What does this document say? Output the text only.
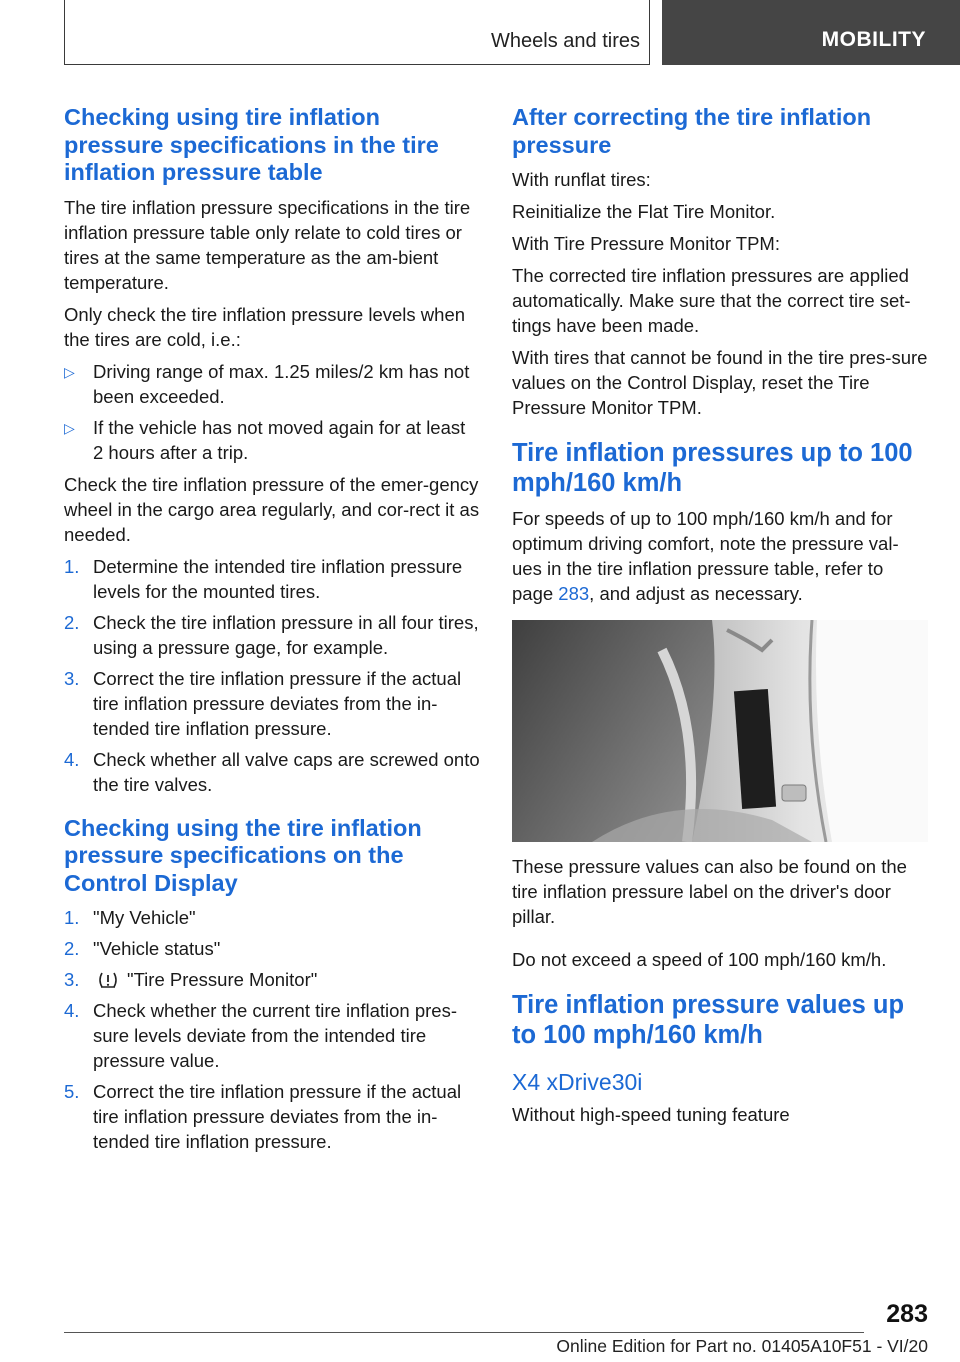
Wheels and tires	MOBILITY
Checking using tire inflation pressure specifications in the tire inflation pressure table

The tire inflation pressure specifications in the tire inflation pressure table only relate to cold tires or tires at the same temperature as the am-bient temperature.

Only check the tire inflation pressure levels when the tires are cold, i.e.:

▷ Driving range of max. 1.25 miles/2 km has not been exceeded.
▷ If the vehicle has not moved again for at least 2 hours after a trip.

Check the tire inflation pressure of the emer-gency wheel in the cargo area regularly, and cor-rect it as needed.

1. Determine the intended tire inflation pressure levels for the mounted tires.
2. Check the tire inflation pressure in all four tires, using a pressure gage, for example.
3. Correct the tire inflation pressure if the actual tire inflation pressure deviates from the in-tended tire inflation pressure.
4. Check whether all valve caps are screwed onto the tire valves.
Checking using the tire inflation pressure specifications on the Control Display
1. "My Vehicle"
2. "Vehicle status"
3.	"Tire Pressure Monitor"
4. Check whether the current tire inflation pres-sure levels deviate from the intended tire pressure value.
5. Correct the tire inflation pressure if the actual tire inflation pressure deviates from the in-tended tire inflation pressure.
After correcting the tire inflation pressure

With runflat tires:

Reinitialize the Flat Tire Monitor.

With Tire Pressure Monitor TPM:

The corrected tire inflation pressures are applied automatically. Make sure that the correct tire set-tings have been made.

With tires that cannot be found in the tire pres-sure values on the Control Display, reset the Tire Pressure Monitor TPM.

Tire inflation pressures up to 100 mph/160 km/h

For speeds of up to 100 mph/160 km/h and for optimum driving comfort, note the pressure val-ues in the tire inflation pressure table, refer to page 283, and adjust as necessary.

These pressure values can also be found on the tire inflation pressure label on the driver's door pillar.

Do not exceed a speed of 100 mph/160 km/h.

Tire inflation pressure values up to 100 mph/160 km/h
X4 xDrive30i

Without high-speed tuning feature

283
Online Edition for Part no. 01405A10F51 - VI/20
